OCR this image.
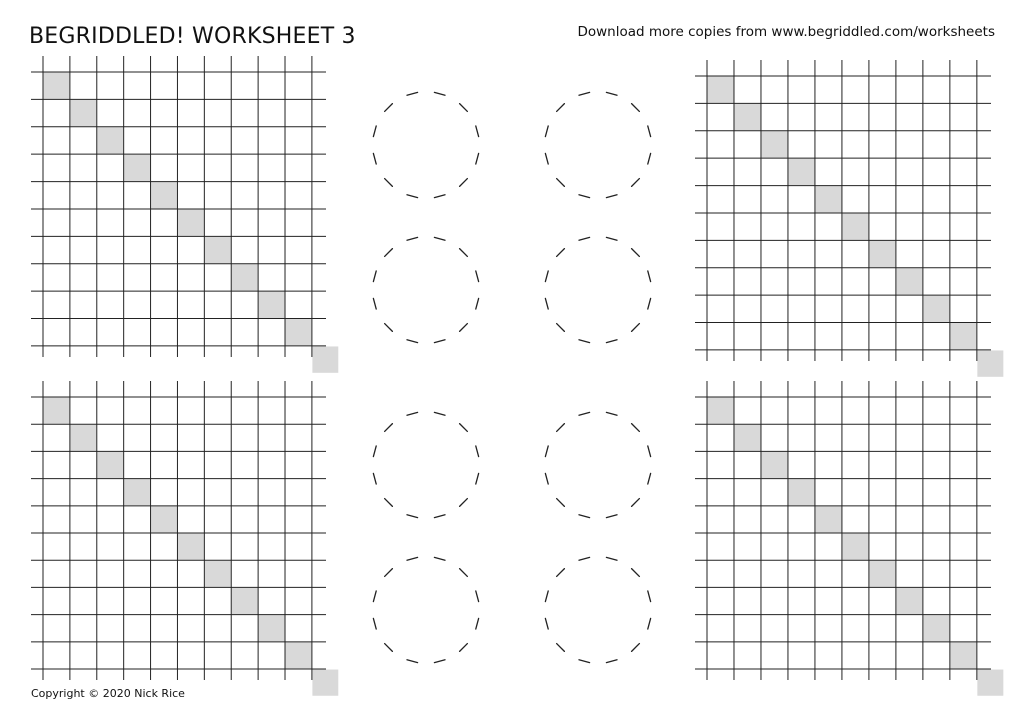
BEGRIDDLED! WORKSHEET 3	Download more copies from www.begriddled.com/worksheets
Copyright © 2020 Nick Rice
